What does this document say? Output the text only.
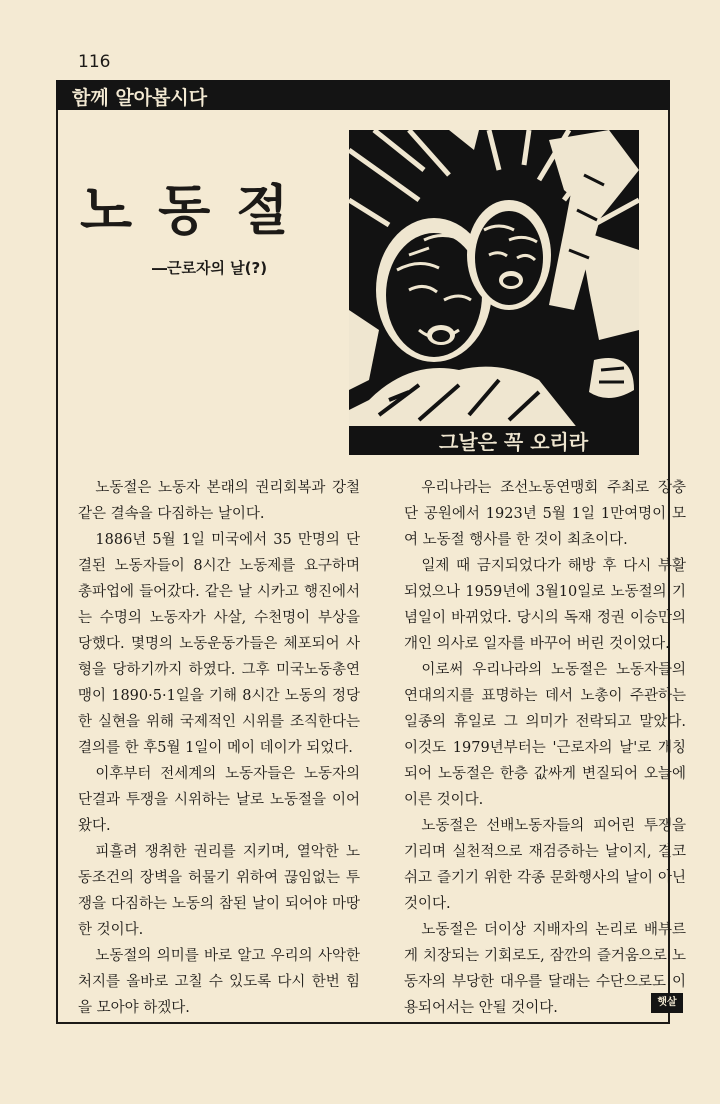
116
함께 알아봅시다
노동절
―근로자의 날(?)
그날은 꼭 오리라

노동절은 노동자 본래의 권리회복과 강철같은 결속을 다짐하는 날이다.

1886년 5월 1일 미국에서 35 만명의 단결된 노동자들이 8시간 노동제를 요구하며 총파업에 들어갔다. 같은 날 시카고 행진에서는 수명의 노동자가 사살, 수천명이 부상을 당했다. 몇명의 노동운동가들은 체포되어 사형을 당하기까지 하였다. 그후 미국노동총연맹이 1890·5·1일을 기해 8시간 노동의 정당한 실현을 위해 국제적인 시위를 조직한다는 결의를 한 후5월 1일이 메이 데이가 되었다.

이후부터 전세계의 노동자들은 노동자의 단결과 투쟁을 시위하는 날로 노동절을 이어 왔다.

피흘려 쟁취한 권리를 지키며, 열악한 노동조건의 장벽을 허물기 위하여 끊임없는 투쟁을 다짐하는 노동의 참된 날이 되어야 마땅한 것이다.

노동절의 의미를 바로 알고 우리의 사악한 처지를 올바로 고칠 수 있도록 다시 한번 힘을 모아야 하겠다.

우리나라는 조선노동연맹회 주최로 장충단 공원에서 1923년 5월 1일 1만여명이 모여 노동절 행사를 한 것이 최초이다.

일제 때 금지되었다가 해방 후 다시 부활되었으나 1959년에 3월10일로 노동절의 기념일이 바뀌었다. 당시의 독재 정권 이승만의 개인 의사로 일자를 바꾸어 버린 것이었다.

이로써 우리나라의 노동절은 노동자들의 연대의지를 표명하는 데서 노총이 주관하는 일종의 휴일로 그 의미가 전락되고 말았다. 이것도 1979년부터는 '근로자의 날'로 개칭되어 노동절은 한층 값싸게 변질되어 오늘에 이른 것이다.

노동절은 선배노동자들의 피어린 투쟁을 기리며 실천적으로 재검증하는 날이지, 결코 쉬고 즐기기 위한 각종 문화행사의 날이 아닌 것이다.

노동절은 더이상 지배자의 논리로 배부르게 치장되는 기회로도, 잠깐의 즐거움으로 노동자의 부당한 대우를 달래는 수단으로도 이용되어서는 안될 것이다.	햇살
